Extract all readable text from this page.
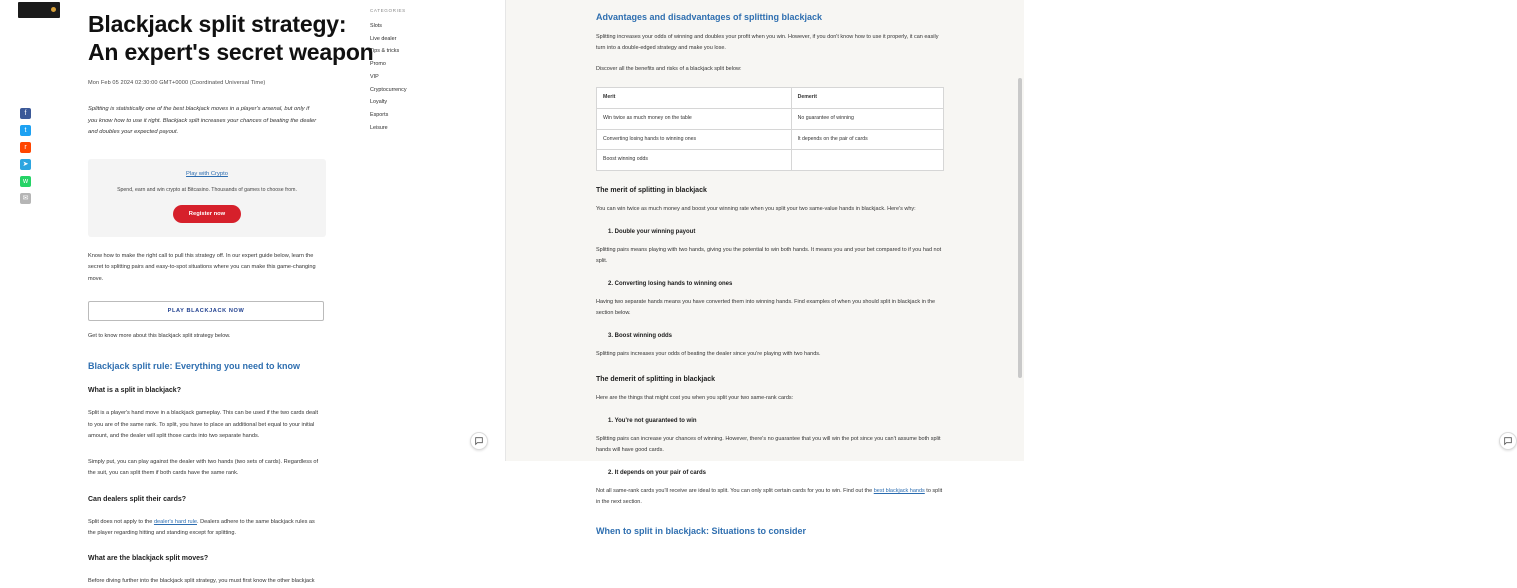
f
t
r
➤
w
✉
Blackjack split strategy:
An expert's secret weapon
Mon Feb 05 2024 02:30:00 GMT+0000 (Coordinated Universal Time)

Splitting is statistically one of the best blackjack moves in a player's arsenal, but only if you know how to use it right. Blackjack split increases your chances of beating the dealer and doubles your expected payout.

Play with Crypto
Spend, earn and win crypto at Bitcasino. Thousands of games to choose from.
Register now

Know how to make the right call to pull this strategy off. In our expert guide below, learn the secret to splitting pairs and easy-to-spot situations where you can make this game-changing move.

PLAY BLACKJACK NOW
Get to know more about this blackjack split strategy below.
Blackjack split rule: Everything you need to know
What is a split in blackjack?

Split is a player's hand move in a blackjack gameplay. This can be used if the two cards dealt to you are of the same rank. To split, you have to place an additional bet equal to your initial amount, and the dealer will split those cards into two separate hands.

Simply put, you can play against the dealer with two hands (two sets of cards). Regardless of the suit, you can split them if both cards have the same rank.

Can dealers split their cards?

Split does not apply to the dealer's hard rule. Dealers adhere to the same blackjack rules as the player regarding hitting and standing except for splitting.

What are the blackjack split moves?

Before diving further into the blackjack split strategy, you must first know the other blackjack

CATEGORIES
Slots
Live dealer
Tips & tricks
Promo
VIP
Cryptocurrency
Loyalty
Esports
Leisure
Advantages and disadvantages of splitting blackjack

Splitting increases your odds of winning and doubles your profit when you win. However, if you don't know how to use it properly, it can easily turn into a double-edged strategy and make you lose.

Discover all the benefits and risks of a blackjack split below:

Merit	Demerit
Win twice as much money on the table	No guarantee of winning
Converting losing hands to winning ones	It depends on the pair of cards
Boost winning odds	
The merit of splitting in blackjack

You can win twice as much money and boost your winning rate when you split your two same-value hands in blackjack. Here's why:

1. Double your winning payout

Splitting pairs means playing with two hands, giving you the potential to win both hands. It means you and your bet compared to if you had not split.

2. Converting losing hands to winning ones

Having two separate hands means you have converted them into winning hands. Find examples of when you should split in blackjack in the section below.

3. Boost winning odds

Splitting pairs increases your odds of beating the dealer since you're playing with two hands.

The demerit of splitting in blackjack

Here are the things that might cost you when you split your two same-rank cards:

1. You're not guaranteed to win

Splitting pairs can increase your chances of winning. However, there's no guarantee that you will win the pot since you can't assume both split hands will have good cards.

2. It depends on your pair of cards

Not all same-rank cards you'll receive are ideal to split. You can only split certain cards for you to win. Find out the best blackjack hands to split in the next section.

When to split in blackjack: Situations to consider
